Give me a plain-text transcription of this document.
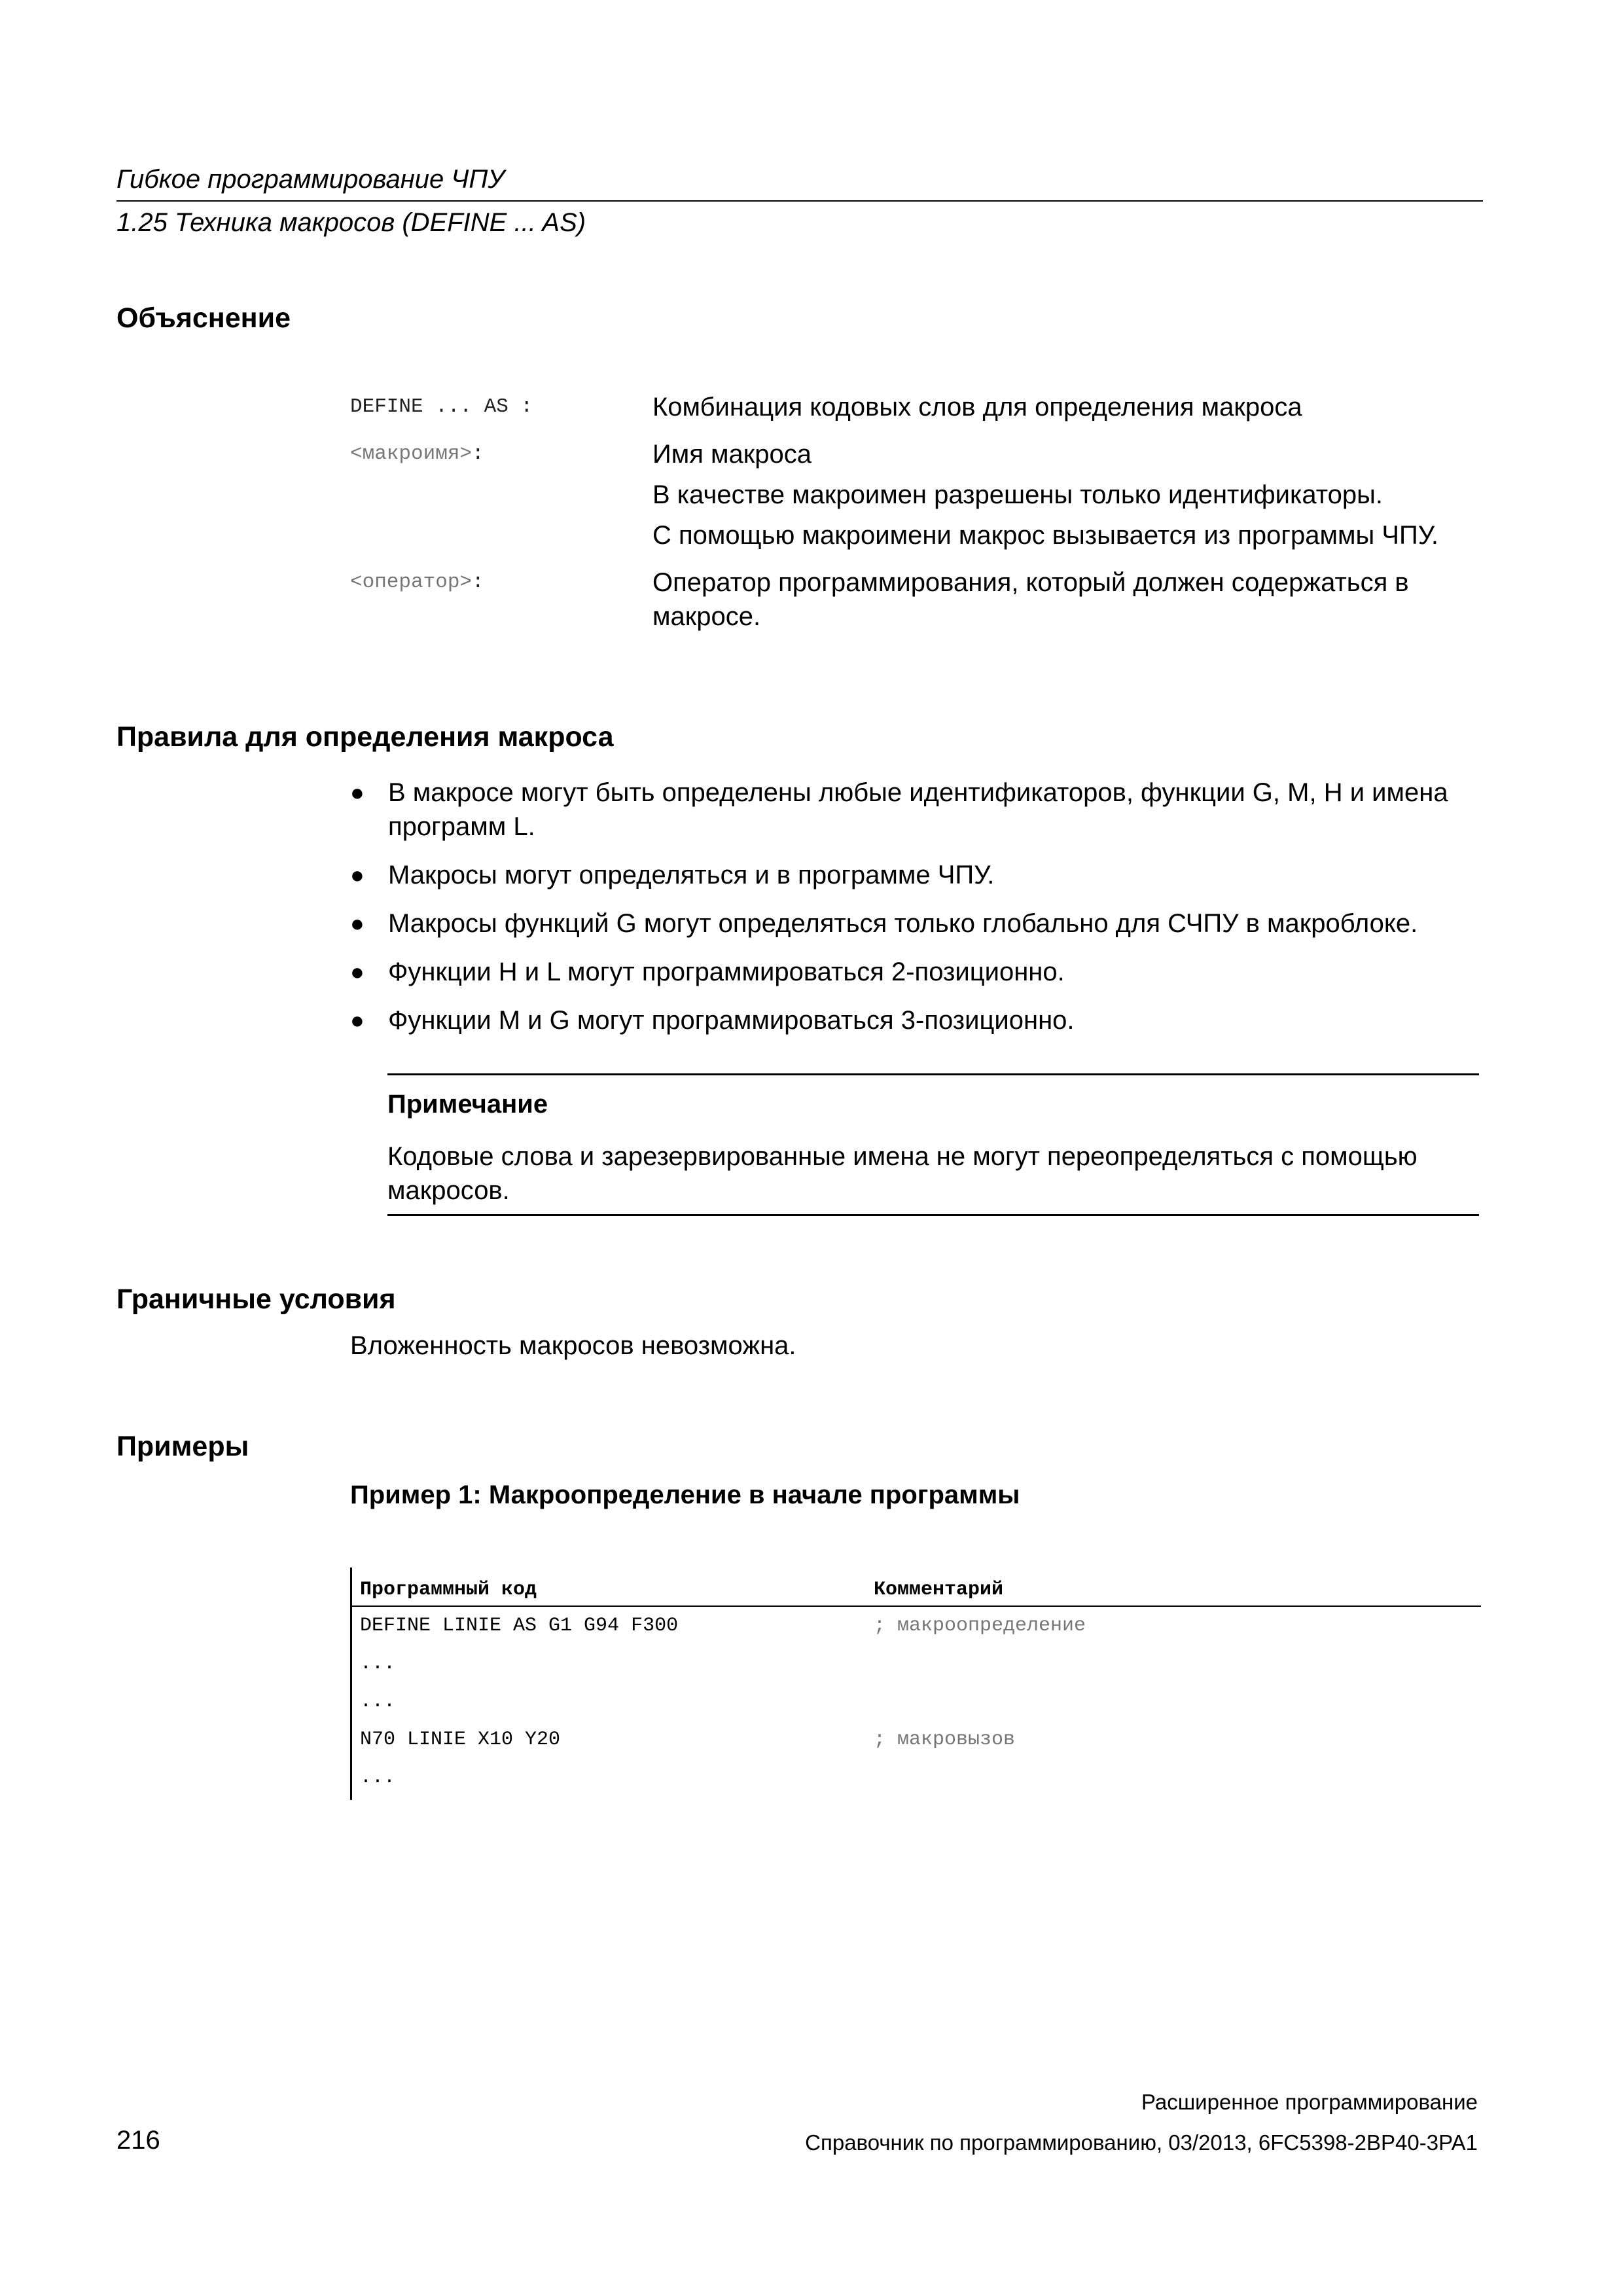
Гибкое программирование ЧПУ
1.25 Техника макросов (DEFINE ... AS)
Объяснение
DEFINE ... AS :	Комбинация кодовых слов для определения макроса

<макроимя>:	Имя макроса

В качестве макроимен разрешены только идентификаторы.

С помощью макроимени макрос вызывается из программы ЧПУ.

<оператор>:	Оператор программирования, который должен содержаться в макросе.

Правила для определения макроса
● В макросе могут быть определены любые идентификаторов, функции G, M, H и имена программ L.
● Макросы могут определяться и в программе ЧПУ.
● Макросы функций G могут определяться только глобально для СЧПУ в макроблоке.
● Функции H и L могут программироваться 2-позиционно.
● Функции M и G могут программироваться 3-позиционно.
Примечание
Кодовые слова и зарезервированные имена не могут переопределяться с помощью макросов.
Граничные условия
Вложенность макросов невозможна.
Примеры
Пример 1: Макроопределение в начале программы
Программный код	Комментарий
DEFINE LINIE AS G1 G94 F300	; макроопределение
...
...
N70 LINIE X10 Y20	; макровызов
...
Расширенное программирование
216	Справочник по программированию, 03/2013, 6FC5398-2BP40-3PA1
